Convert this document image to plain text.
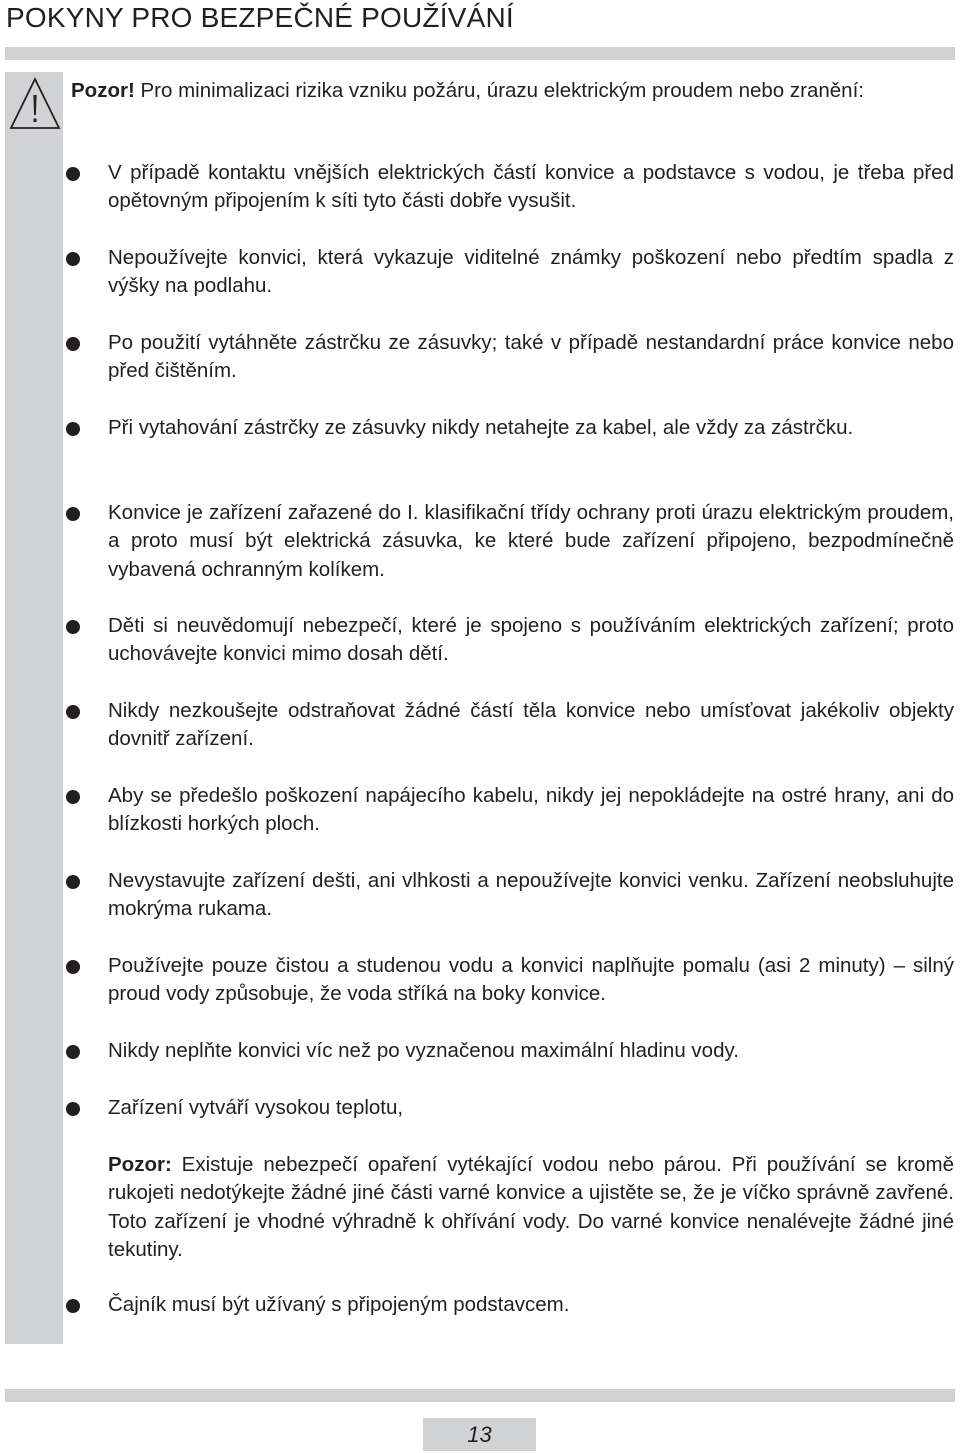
POKYNY PRO BEZPEČNÉ POUŽÍVÁNÍ

Pozor! Pro minimalizaci rizika vzniku požáru, úrazu elektrickým proudem nebo zranění:

V případě kontaktu vnějších elektrických částí konvice a podstavce s vodou, je třeba před opětovným připojením k síti tyto části dobře vysušit.

Nepoužívejte konvici, která vykazuje viditelné známky poškození nebo předtím spadla z výšky na podlahu.

Po použití vytáhněte zástrčku ze zásuvky; také v případě nestandardní práce konvice nebo před čištěním.

Při vytahování zástrčky ze zásuvky nikdy netahejte za kabel, ale vždy za zástrčku.

Konvice je zařízení zařazené do I. klasifikační třídy ochrany proti úrazu elektrickým proudem, a proto musí být elektrická zásuvka, ke které bude zařízení připojeno, bezpodmínečně vybavená ochranným kolíkem.

Děti si neuvědomují nebezpečí, které je spojeno s používáním elektrických zařízení; proto uchovávejte konvici mimo dosah dětí.

Nikdy nezkoušejte odstraňovat žádné částí těla konvice nebo umísťovat jakékoliv objekty dovnitř zařízení.

Aby se předešlo poškození napájecího kabelu, nikdy jej nepokládejte na ostré hrany, ani do blízkosti horkých ploch.

Nevystavujte zařízení dešti, ani vlhkosti a nepoužívejte konvici venku. Zařízení neobsluhujte mokrýma rukama.

Používejte pouze čistou a studenou vodu a konvici naplňujte pomalu (asi 2 minuty) – silný proud vody způsobuje, že voda stříká na boky konvice.

Nikdy neplňte konvici víc než po vyznačenou maximální hladinu vody.

Zařízení vytváří vysokou teplotu,

Pozor: Existuje nebezpečí opaření vytékající vodou nebo párou. Při používání se kromě rukojeti nedotýkejte žádné jiné části varné konvice a ujistěte se, že je víčko správně zavřené. Toto zařízení je vhodné výhradně k ohřívání vody. Do varné konvice nenalévejte žádné jiné tekutiny.

Čajník musí být užívaný s připojeným podstavcem.

13
